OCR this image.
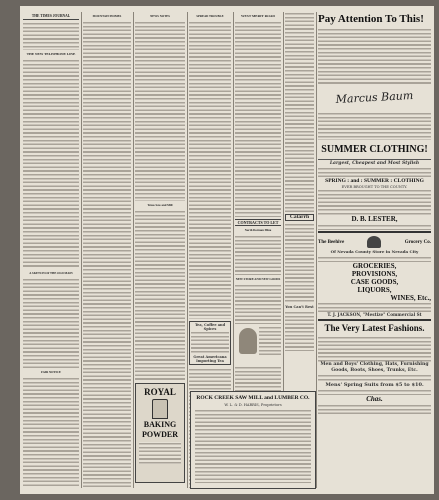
THE TIMES JOURNAL
THE NEW TELEPHONE LINE
A SKETCH OF THE OLD MAIN
FAIR NOTICE
MOUNTAIN HOMES	NEWS NOTES
Texas Saw and Mill
ROYAL
BAKING
POWDER
SPREAD TROUBLE
Tea, Coffee and Spices
Great Americana Importing Tea
WEST MERIT ROAD
CONTRACTS TO LET
North Dorman Mine
NEW STORE AND NEW GOODS
Catarrh
You Can't Rest
ROCK CREEK SAW MILL and LUMBER CO.
W. L. & D. HARRIS, Proprietors
Pay Attention To This!
Marcus Baum
SUMMER CLOTHING!
Largest, Cheapest and Most Stylish
SPRING : and : SUMMER : CLOTHING
EVER BROUGHT TO THE COUNTY.
D. B. LESTER,
The Beehive	Grocery Co.
Of Nevada County Store in Nevada City
GROCERIES,
PROVISIONS,
CASE GOODS,
LIQUORS,
WINES, Etc.,
T. J. JACKSON, "Mestize" Commercial St
The Very Latest Fashions.
Men and Boys' Clothing, Hats, Furnishing Goods, Boots, Shoes, Trunks, Etc.
Mens' Spring Suits from $5 to $10.
Chas.
